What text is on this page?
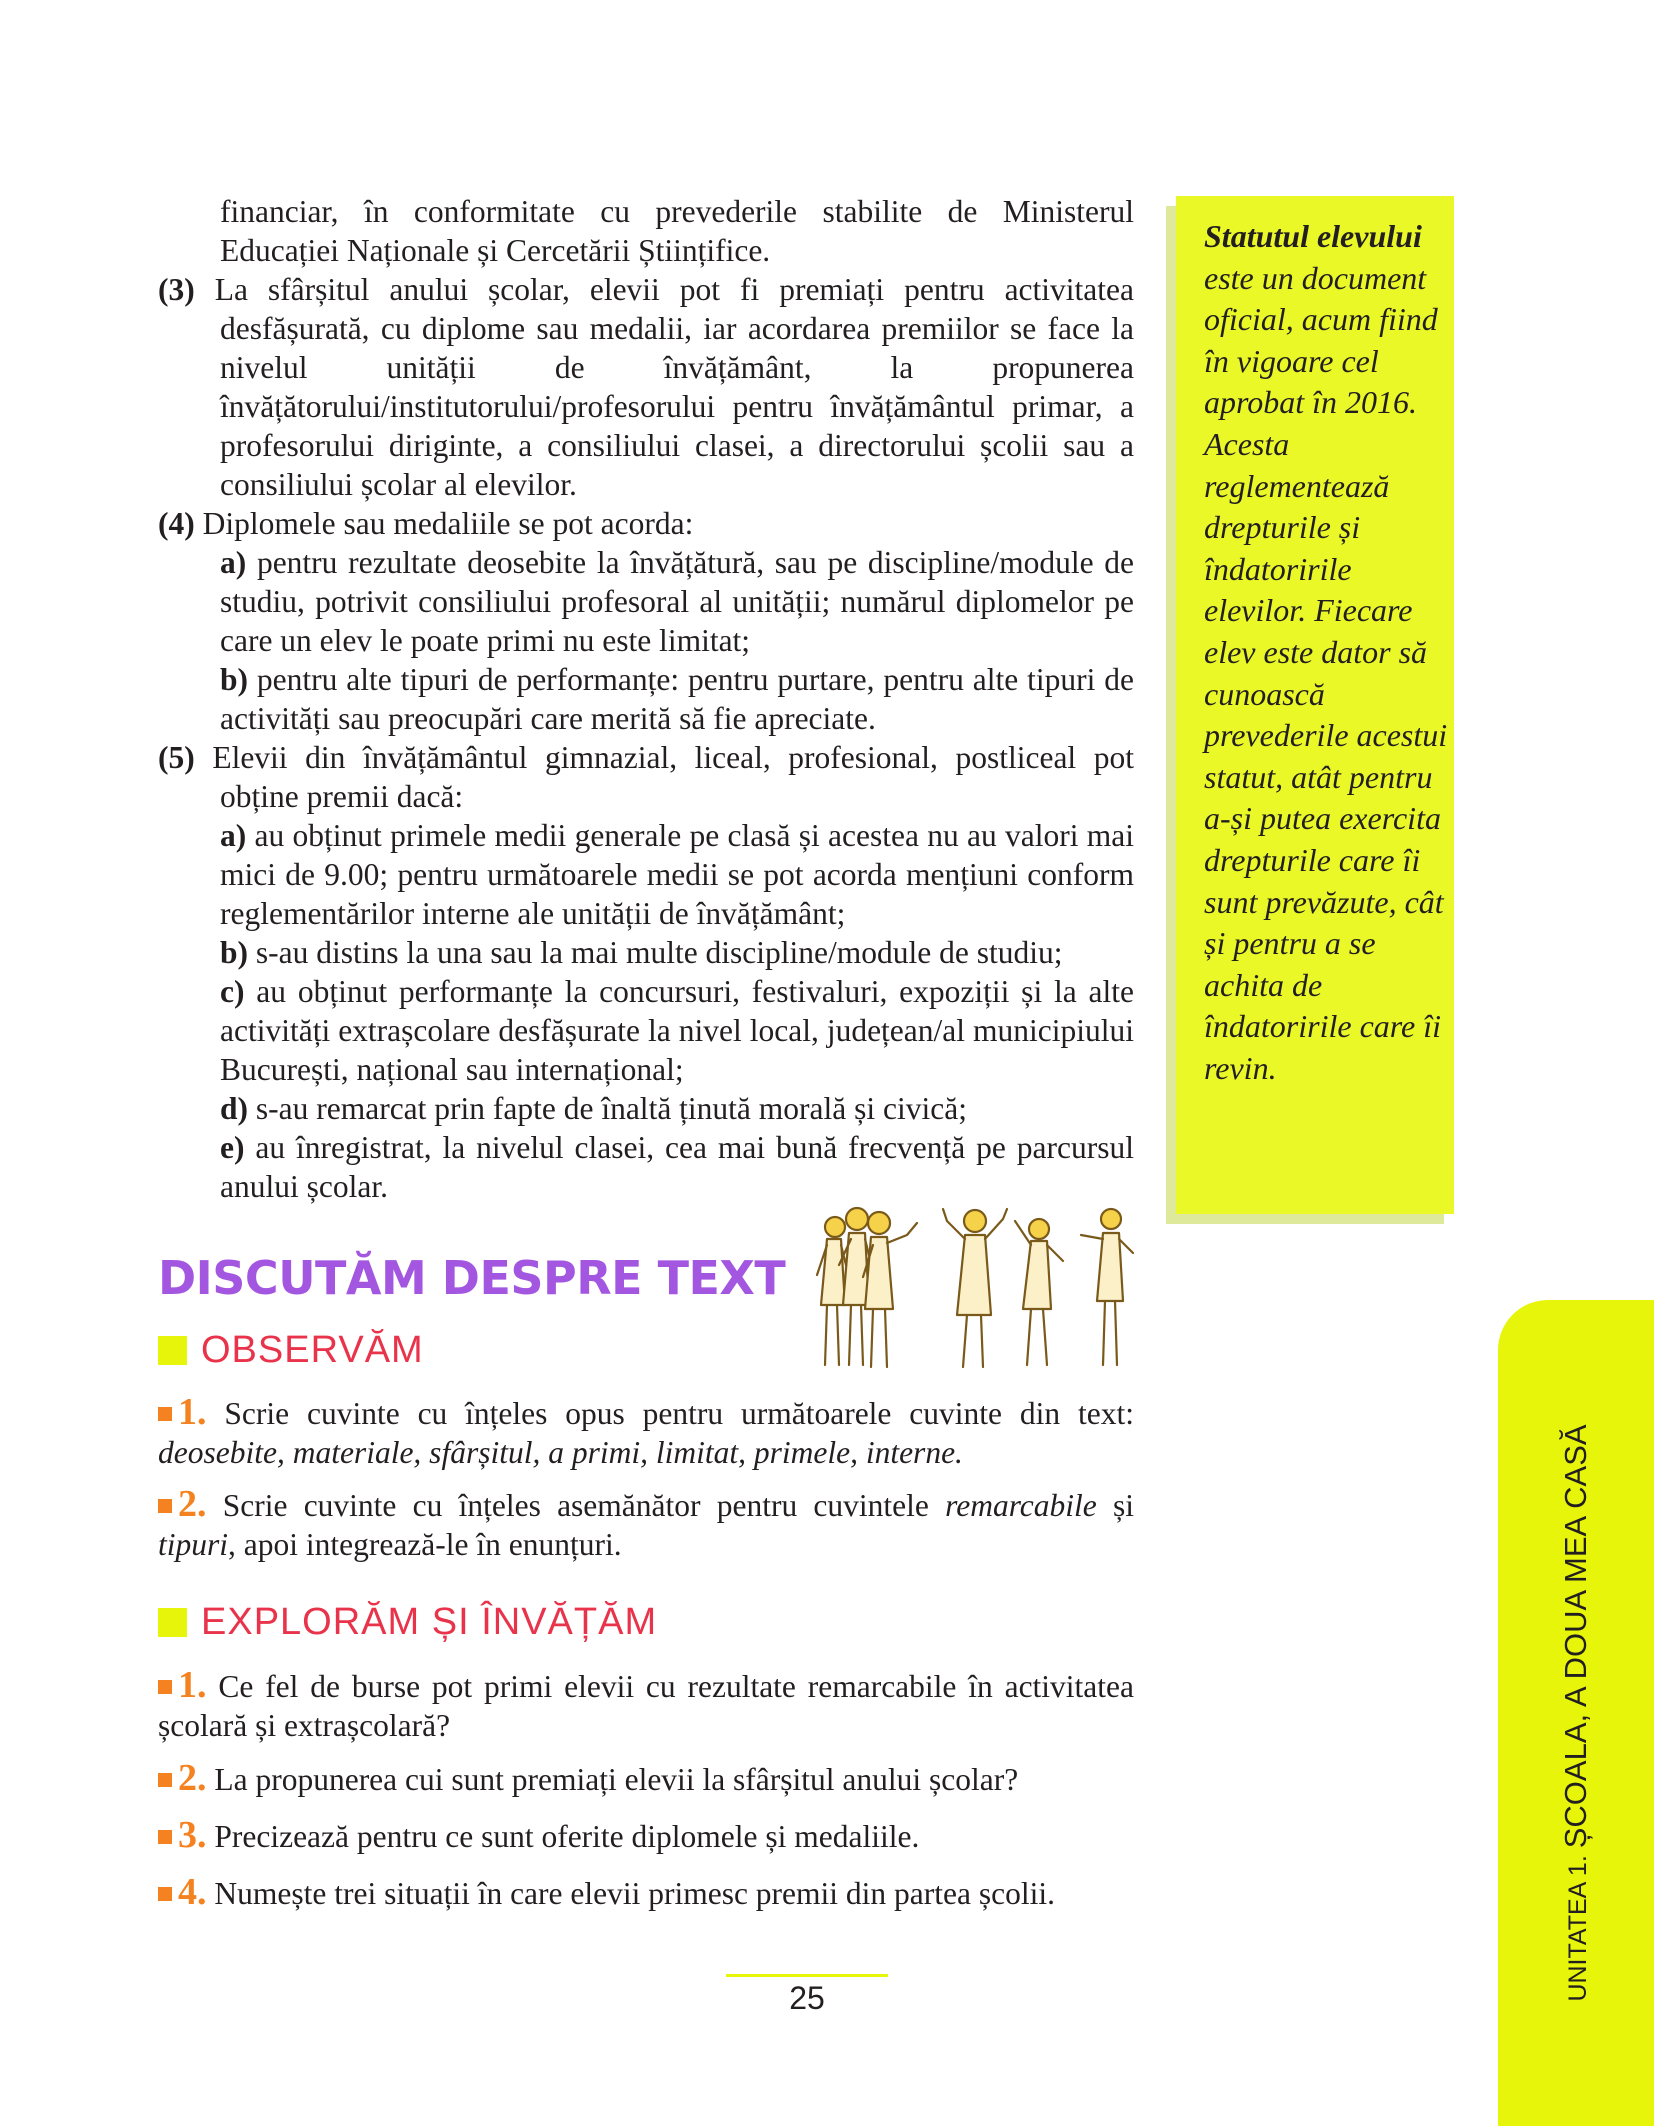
financiar, în conformitate cu prevederile stabilite de Ministerul Educației Naționale și Cercetării Științifice.

(3) La sfârșitul anului școlar, elevii pot fi premiați pentru activitatea desfășurată, cu diplome sau medalii, iar acordarea premiilor se face la nivelul unității de învățământ, la propunerea învățătorului/institutorului/profesorului pentru învățământul primar, a profesorului diriginte, a consiliului clasei, a directorului școlii sau a consiliului școlar al elevilor.

(4) Diplomele sau medaliile se pot acorda:

a) pentru rezultate deosebite la învățătură, sau pe discipline/module de studiu, potrivit consiliului profesoral al unității; numărul diplomelor pe care un elev le poate primi nu este limitat;

b) pentru alte tipuri de performanțe: pentru purtare, pentru alte tipuri de activități sau preocupări care merită să fie apreciate.

(5) Elevii din învățământul gimnazial, liceal, profesional, postliceal pot obține premii dacă:

a) au obținut primele medii generale pe clasă și acestea nu au valori mai mici de 9.00; pentru următoarele medii se pot acorda mențiuni conform reglementărilor interne ale unității de învățământ;

b) s-au distins la una sau la mai multe discipline/module de studiu;

c) au obținut performanțe la concursuri, festivaluri, expoziții și la alte activități extrașcolare desfășurate la nivel local, județean/al municipiului București, național sau internațional;

d) s-au remarcat prin fapte de înaltă ținută morală și civică;

e) au înregistrat, la nivelul clasei, cea mai bună frecvență pe parcursul anului școlar.

Statutul elevului este un document oficial, acum fiind în vigoare cel aprobat în 2016. Acesta reglementează drepturile și îndatoririle elevilor. Fiecare elev este dator să cunoască prevederile acestui statut, atât pentru a-și putea exercita drepturile care îi sunt prevăzute, cât și pentru a se achita de îndatoririle care îi revin.
DISCUTĂM DESPRE TEXT
OBSERVĂM
1. Scrie cuvinte cu înțeles opus pentru următoarele cuvinte din text: deosebite, materiale, sfârșitul, a primi, limitat, primele, interne.
2. Scrie cuvinte cu înțeles asemănător pentru cuvintele remarcabile și tipuri, apoi integrează-le în enunțuri.
EXPLORĂM ȘI ÎNVĂȚĂM
1. Ce fel de burse pot primi elevii cu rezultate remarcabile în activitatea școlară și extrașcolară?
2. La propunerea cui sunt premiați elevii la sfârșitul anului școlar?
3. Precizează pentru ce sunt oferite diplomele și medaliile.
4. Numește trei situații în care elevii primesc premii din partea școlii.	UNITATEA 1. ȘCOALA, A DOUA MEA CASĂ
25
